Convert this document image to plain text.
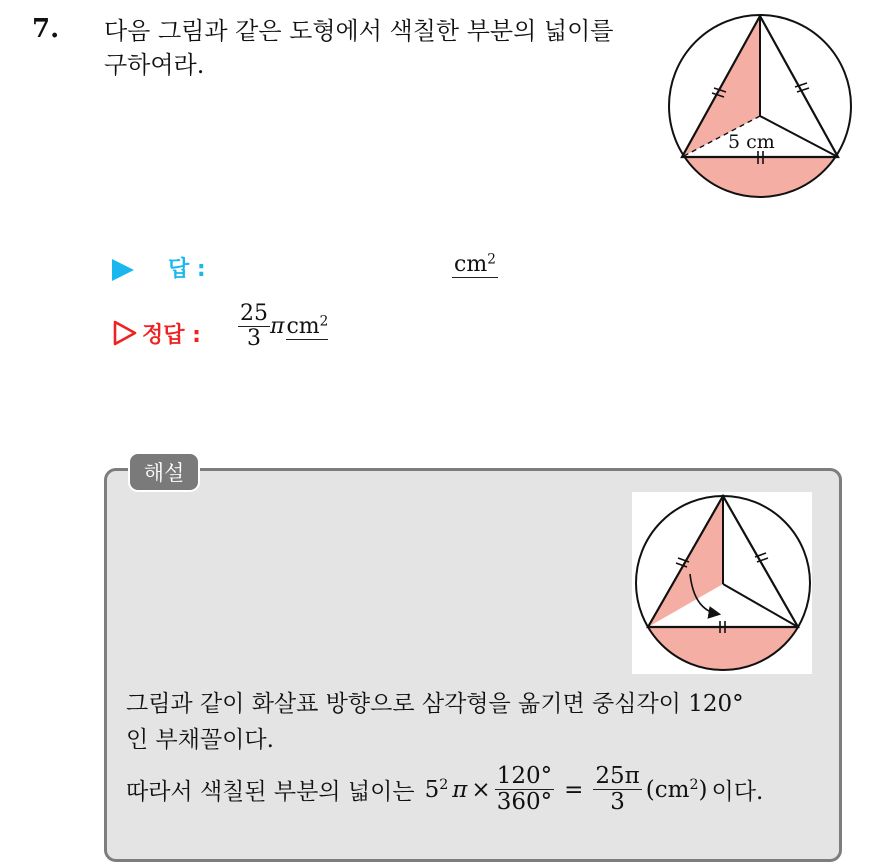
7. 다음 그림과 같은 도형에서 색칠한 부분의 넓이를
구하여라.
5 cm
답 :	$cm^2$
정답 : $\frac{25}{3}$ π $cm^2$
해설
그림과 같이 화살표 방향으로 삼각형을 옮기면 중심각이 120°
인 부채꼴이다.
따라서 색칠된 부분의 넓이는 $5^2$ $\pi \times \frac{120^\circ}{360^\circ} = \frac{25\pi}{3} (cm^2)$ 이다.
